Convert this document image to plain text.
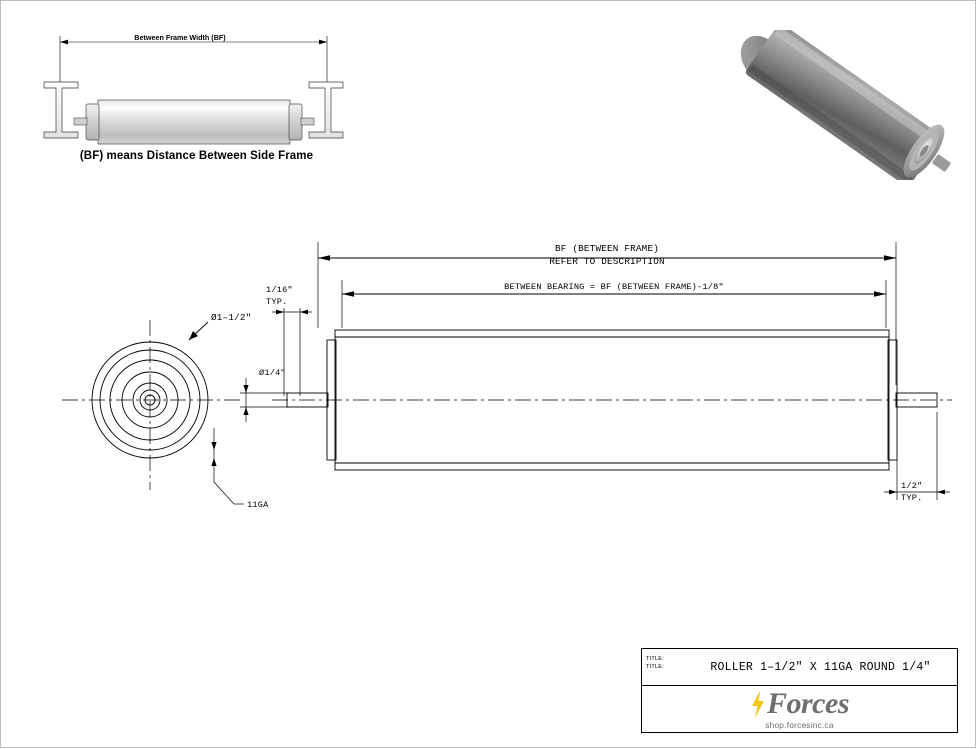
Between Frame Width (BF)
(BF) means Distance Between Side Frame
BF (BETWEEN FRAME)
REFER TO DESCRIPTION
BETWEEN BEARING = BF (BETWEEN FRAME)-1/8"
1/16"
TYP.
1/2"
TYP.
Ø1–1/2"
Ø1/4"
11GA
TITLE:
TITLE:	ROLLER 1–1/2" X 11GA ROUND 1/4"
Forces
shop.forcesinc.ca
